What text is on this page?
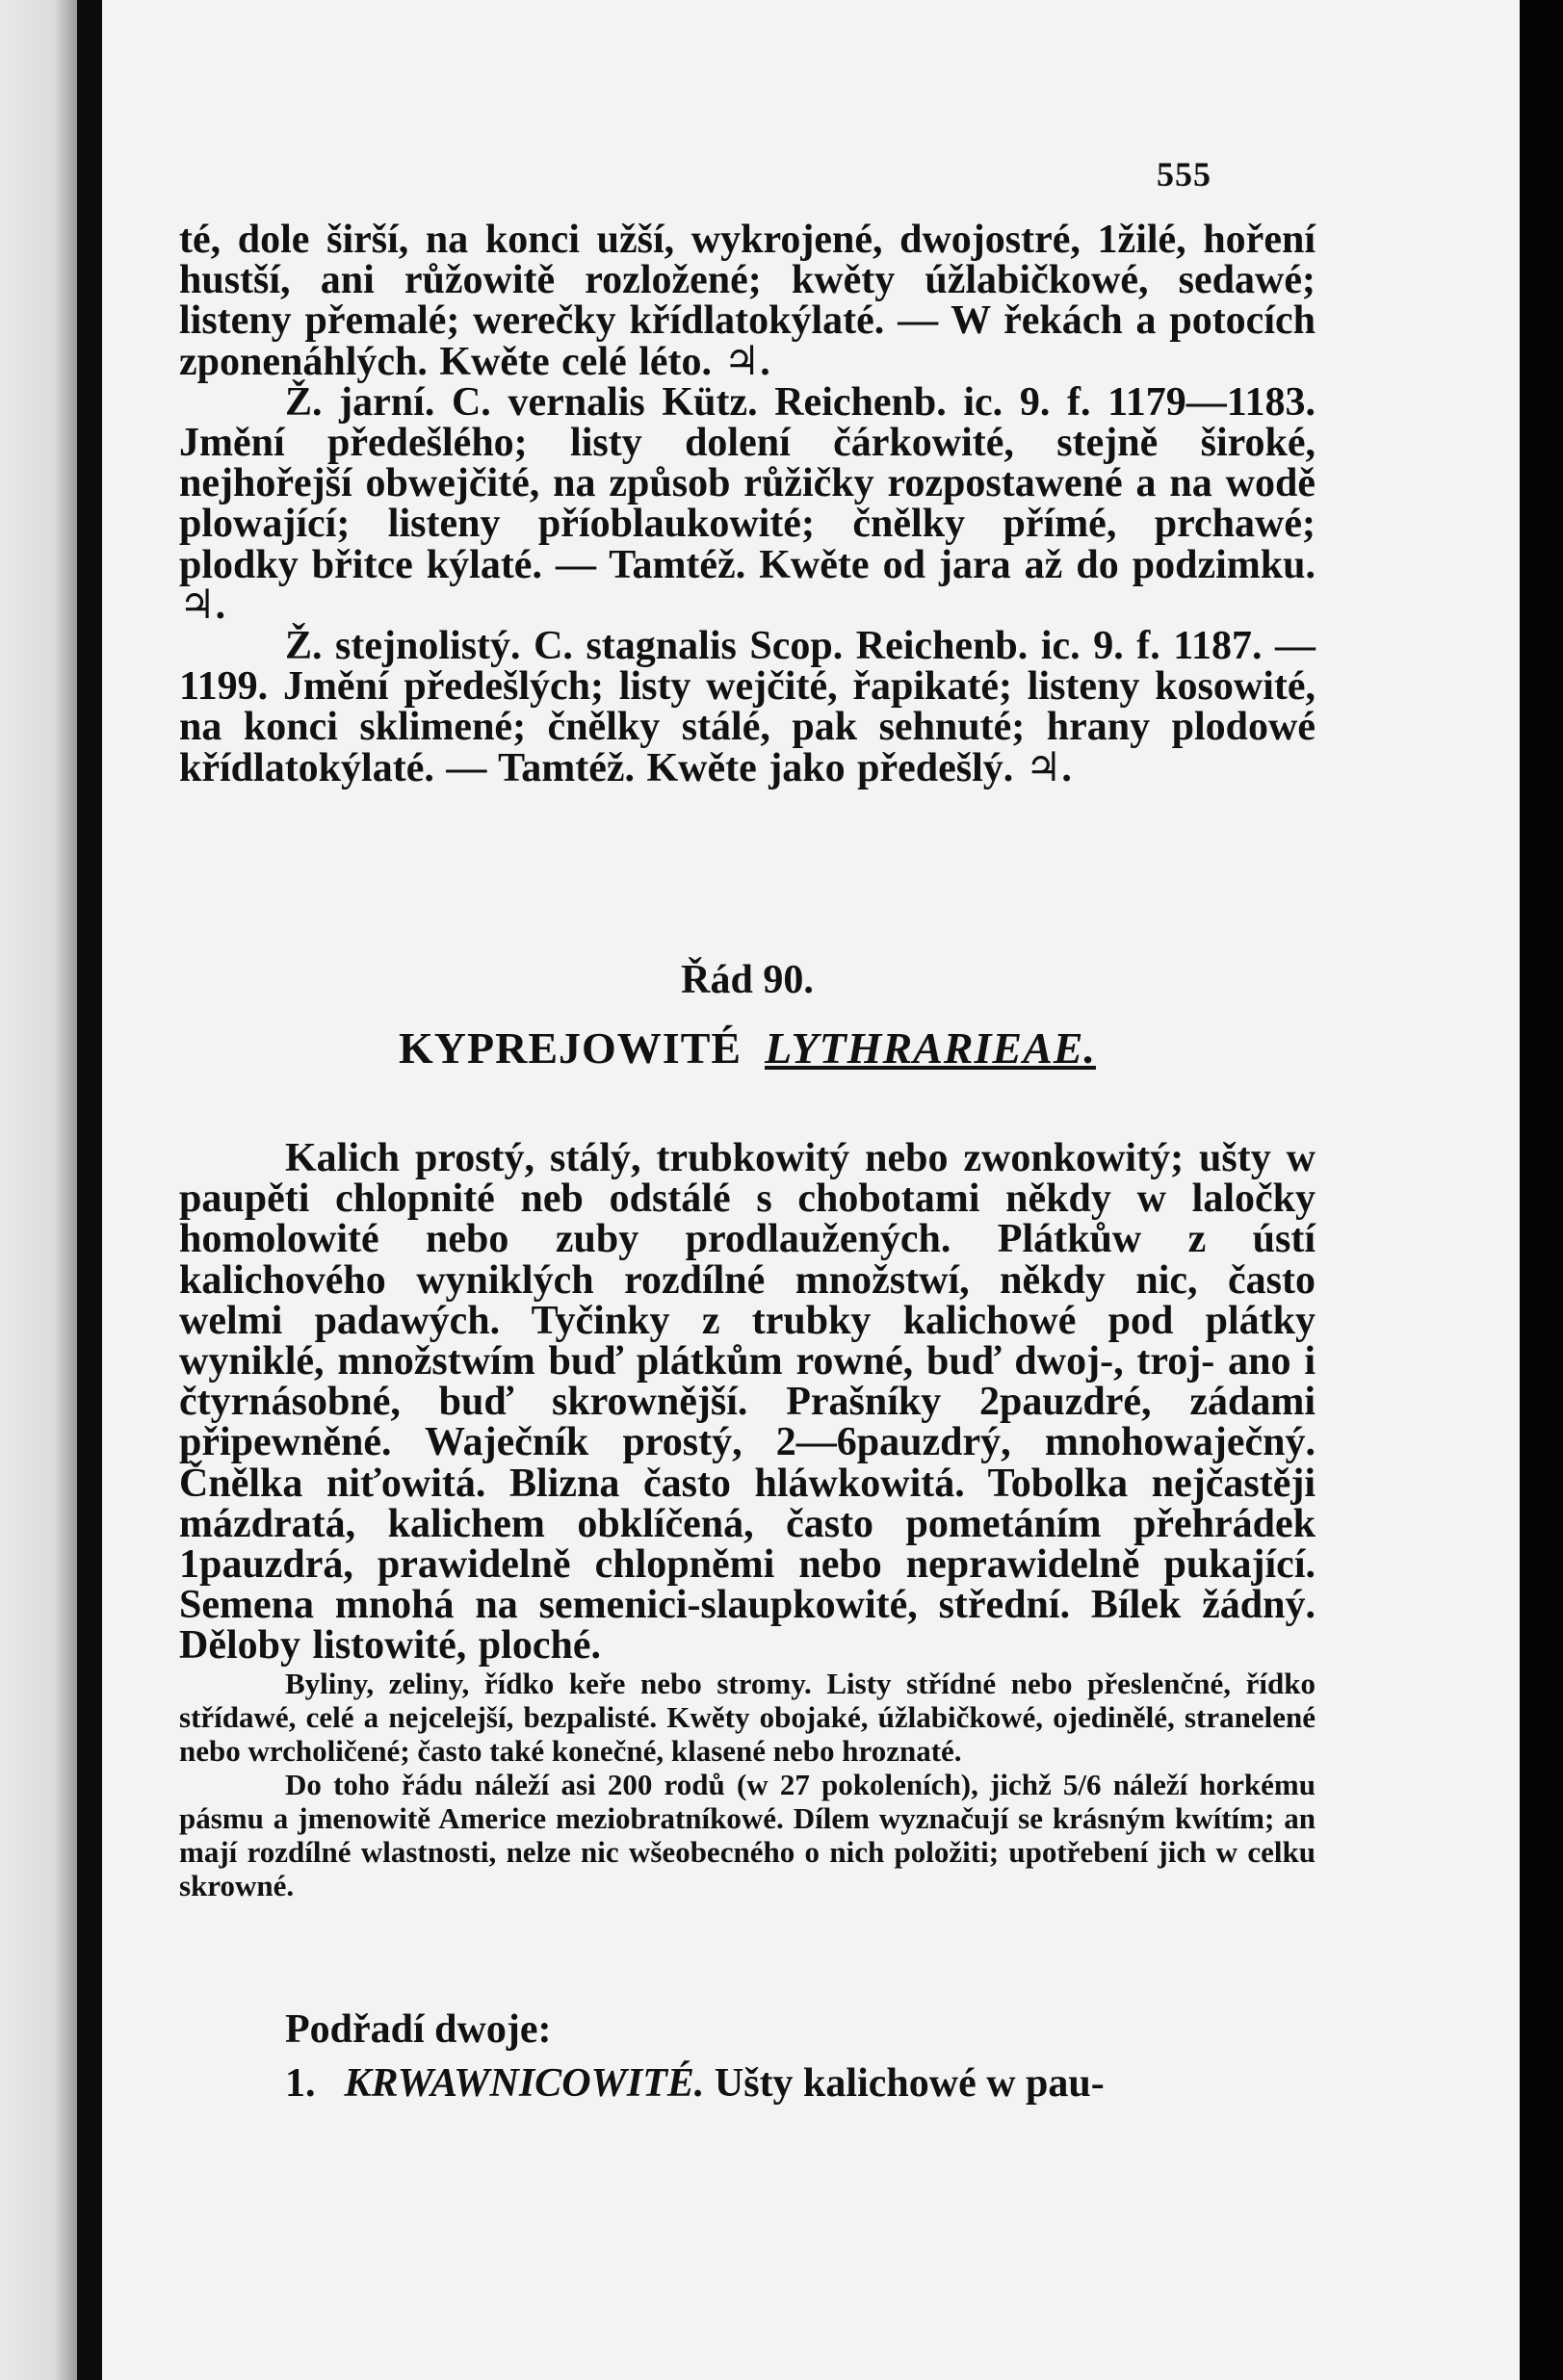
555

té, dole širší, na konci užší, wykrojené, dwojostré, 1žilé, hoření hustší, ani růžowitě rozložené; kwěty úžlabičkowé, sedawé; listeny přemalé; werečky křídlatokýlaté. — W řekách a potocích zponenáhlých. Kwěte celé léto. ♃.

Ž. jarní. C. vernalis Kütz. Reichenb. ic. 9. f. 1179—1183. Jmění předešlého; listy dolení čárkowité, stejně široké, nejhořejší obwejčité, na způsob růžičky rozpostawené a na wodě plowající; listeny příoblaukowité; čnělky přímé, prchawé; plodky břitce kýlaté. — Tamtéž. Kwěte od jara až do podzimku. ♃.

Ž. stejnolistý. C. stagnalis Scop. Reichenb. ic. 9. f. 1187. — 1199. Jmění předešlých; listy wejčité, řapikaté; listeny kosowité, na konci sklimené; čnělky stálé, pak sehnuté; hrany plodowé křídlatokýlaté. — Tamtéž. Kwěte jako předešlý. ♃.

Řád 90.

KYPREJOWITÉ LYTHRARIEAE.

Kalich prostý, stálý, trubkowitý nebo zwonkowitý; ušty w paupěti chlopnité neb odstálé s chobotami někdy w laločky homolowité nebo zuby prodlaužených. Plátkůw z ústí kalichového wyniklých rozdílné množstwí, někdy nic, často welmi padawých. Tyčinky z trubky kalichowé pod plátky wyniklé, množstwím buď plátkům rowné, buď dwoj-, troj- ano i čtyrnásobné, buď skrownější. Prašníky 2pauzdré, zádami připewněné. Waječník prostý, 2—6pauzdrý, mnohowaječný. Čnělka niťowitá. Blizna často hláwkowitá. Tobolka nejčastěji mázdratá, kalichem obklíčená, často pometáním přehrádek 1pauzdrá, prawidelně chlopněmi nebo neprawidelně pukající. Semena mnohá na semenici-slaupkowité, střední. Bílek žádný. Děloby listowité, ploché.

Byliny, zeliny, řídko keře nebo stromy. Listy střídné nebo přeslenčné, řídko střídawé, celé a nejcelejší, bezpalisté. Kwěty obojaké, úžlabičkowé, ojedinělé, stranelené nebo wrcholičené; často také konečné, klasené nebo hroznaté.

Do toho řádu náleží asi 200 rodů (w 27 pokoleních), jichž 5/6 náleží horkému pásmu a jmenowitě Americe meziobratníkowé. Dílem wyznačují se krásným kwítím; an mají rozdílné wlastnosti, nelze nic wšeobecného o nich položiti; upotřebení jich w celku skrowné.

Podřadí dwoje:

1. KRWAWNICOWITÉ. Ušty kalichowé w pau-
